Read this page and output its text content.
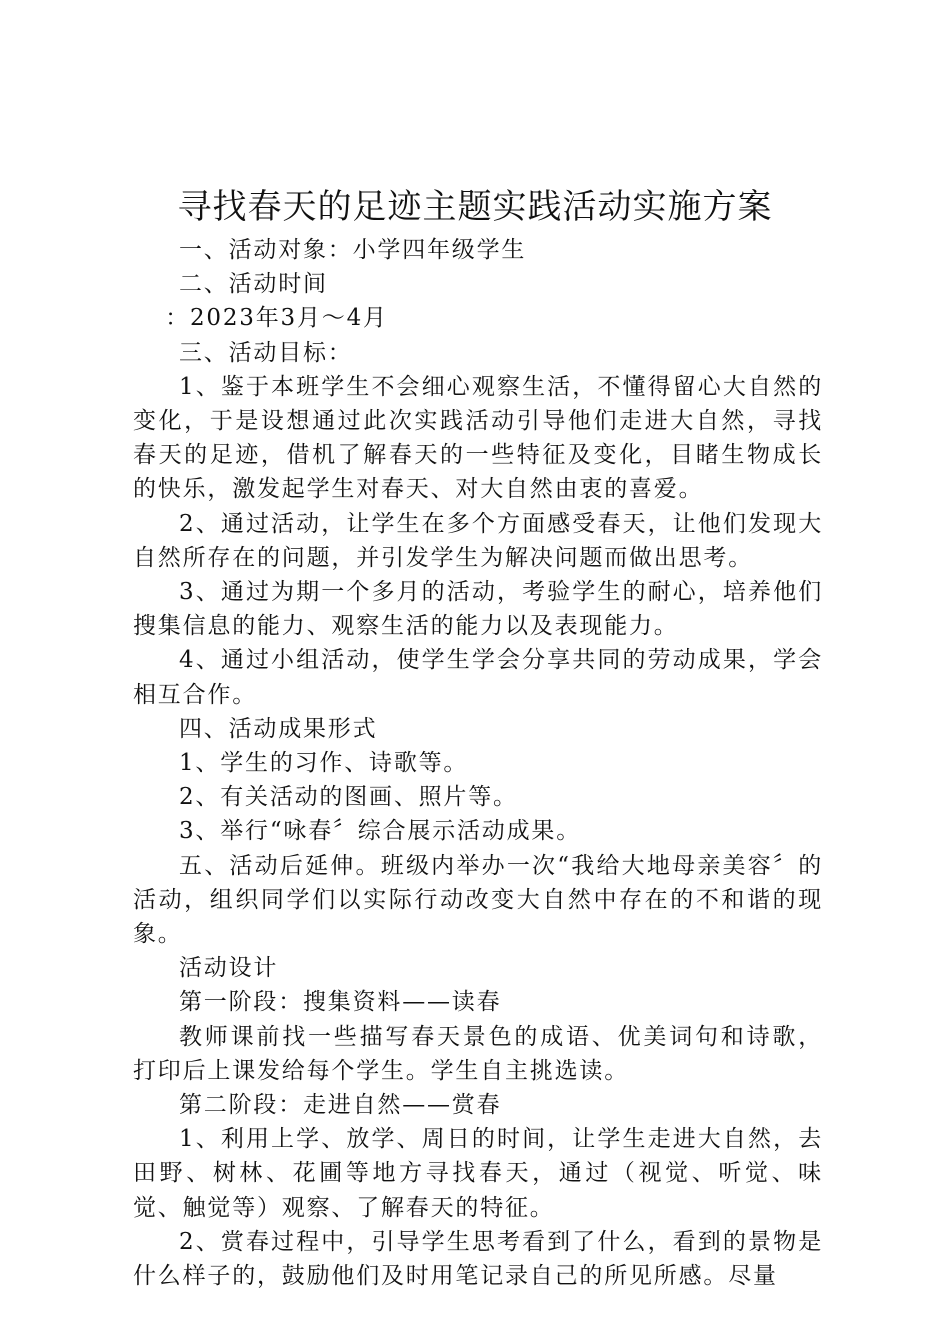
寻找春天的足迹主题实践活动实施方案

一、活动对象：小学四年级学生

二、活动时间

：2023年3月～4月

三、活动目标：

1、鉴于本班学生不会细心观察生活，不懂得留心大自然的变化，于是设想通过此次实践活动引导他们走进大自然，寻找春天的足迹，借机了解春天的一些特征及变化，目睹生物成长的快乐，激发起学生对春天、对大自然由衷的喜爱。

2、通过活动，让学生在多个方面感受春天，让他们发现大自然所存在的问题，并引发学生为解决问题而做出思考。

3、通过为期一个多月的活动，考验学生的耐心，培养他们搜集信息的能力、观察生活的能力以及表现能力。

4、通过小组活动，使学生学会分享共同的劳动成果，学会相互合作。

四、活动成果形式

1、学生的习作、诗歌等。

2、有关活动的图画、照片等。

3、举行“咏春〞综合展示活动成果。

五、活动后延伸。班级内举办一次“我给大地母亲美容〞的活动，组织同学们以实际行动改变大自然中存在的不和谐的现象。

活动设计

第一阶段：搜集资料——读春

教师课前找一些描写春天景色的成语、优美词句和诗歌，打印后上课发给每个学生。学生自主挑选读。

第二阶段：走进自然——赏春

1、利用上学、放学、周日的时间，让学生走进大自然，去田野、树林、花圃等地方寻找春天，通过（视觉、听觉、味觉、触觉等）观察、了解春天的特征。

2、赏春过程中，引导学生思考看到了什么，看到的景物是什么样子的，鼓励他们及时用笔记录自己的所见所感。尽量
